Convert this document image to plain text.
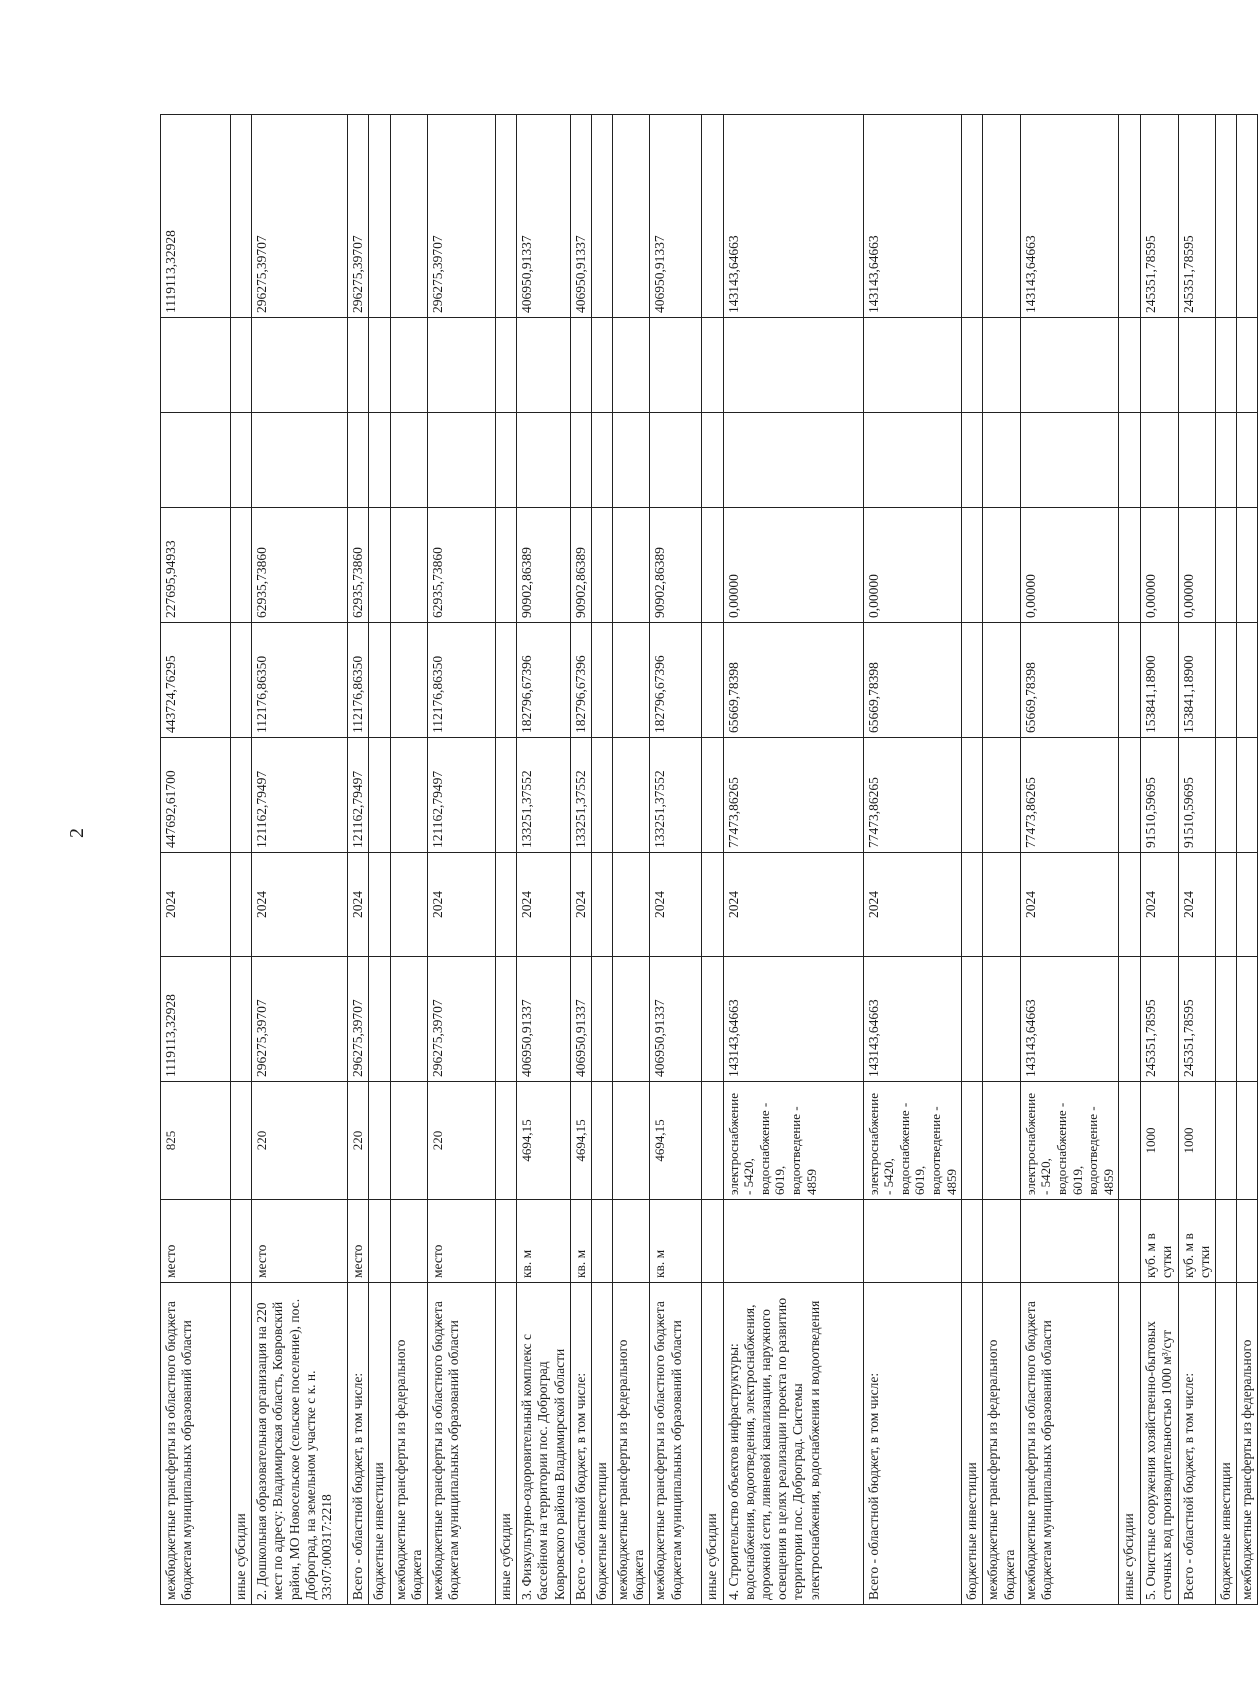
2
межбюджетные трансферты из областного бюджета бюджетам муниципальных образований области	место	825	1119113,32928	2024	447692,61700	443724,76295	227695,94933			1119113,32928
иные субсидии										
2. Дошкольная образовательная организация на 220 мест по адресу: Владимирская область, Ковровский район, МО Новосельское (сельское поселение), пос. Доброград, на земельном участке с к. н. 33:07:000317:2218	место	220	296275,39707	2024	121162,79497	112176,86350	62935,73860			296275,39707
Всего - областной бюджет, в том числе:	место	220	296275,39707	2024	121162,79497	112176,86350	62935,73860			296275,39707
бюджетные инвестиции										
межбюджетные трансферты из федерального бюджета										
межбюджетные трансферты из областного бюджета бюджетам муниципальных образований области	место	220	296275,39707	2024	121162,79497	112176,86350	62935,73860			296275,39707
иные субсидии										
3. Физкультурно-оздоровительный комплекс с бассейном на территории пос. Доброград Ковровского района Владимирской области	кв. м	4694,15	406950,91337	2024	133251,37552	182796,67396	90902,86389			406950,91337
Всего - областной бюджет, в том числе:	кв. м	4694,15	406950,91337	2024	133251,37552	182796,67396	90902,86389			406950,91337
бюджетные инвестиции										
межбюджетные трансферты из федерального бюджета										
межбюджетные трансферты из областного бюджета бюджетам муниципальных образований области	кв. м	4694,15	406950,91337	2024	133251,37552	182796,67396	90902,86389			406950,91337
иные субсидии										
4. Строительство объектов инфраструктуры: водоснабжения, водоотведения, электроснабжения, дорожной сети, ливневой канализации, наружного освещения в целях реализации проекта по развитию территории пос. Доброград. Системы электроснабжения, водоснабжения и водоотведения		электроснабжение - 5420, водоснабжение - 6019, водоотведение - 4859	143143,64663	2024	77473,86265	65669,78398	0,00000			143143,64663
Всего - областной бюджет, в том числе:		электроснабжение - 5420, водоснабжение - 6019, водоотведение - 4859	143143,64663	2024	77473,86265	65669,78398	0,00000			143143,64663
бюджетные инвестиции										
межбюджетные трансферты из федерального бюджета										
межбюджетные трансферты из областного бюджета бюджетам муниципальных образований области		электроснабжение - 5420, водоснабжение - 6019, водоотведение - 4859	143143,64663	2024	77473,86265	65669,78398	0,00000			143143,64663
иные субсидии										
5. Очистные сооружения хозяйственно-бытовых сточных вод производительностью 1000 м³/сут	куб. м в сутки	1000	245351,78595	2024	91510,59695	153841,18900	0,00000			245351,78595
Всего - областной бюджет, в том числе:	куб. м в сутки	1000	245351,78595	2024	91510,59695	153841,18900	0,00000			245351,78595
бюджетные инвестиции										
межбюджетные трансферты из федерального										
